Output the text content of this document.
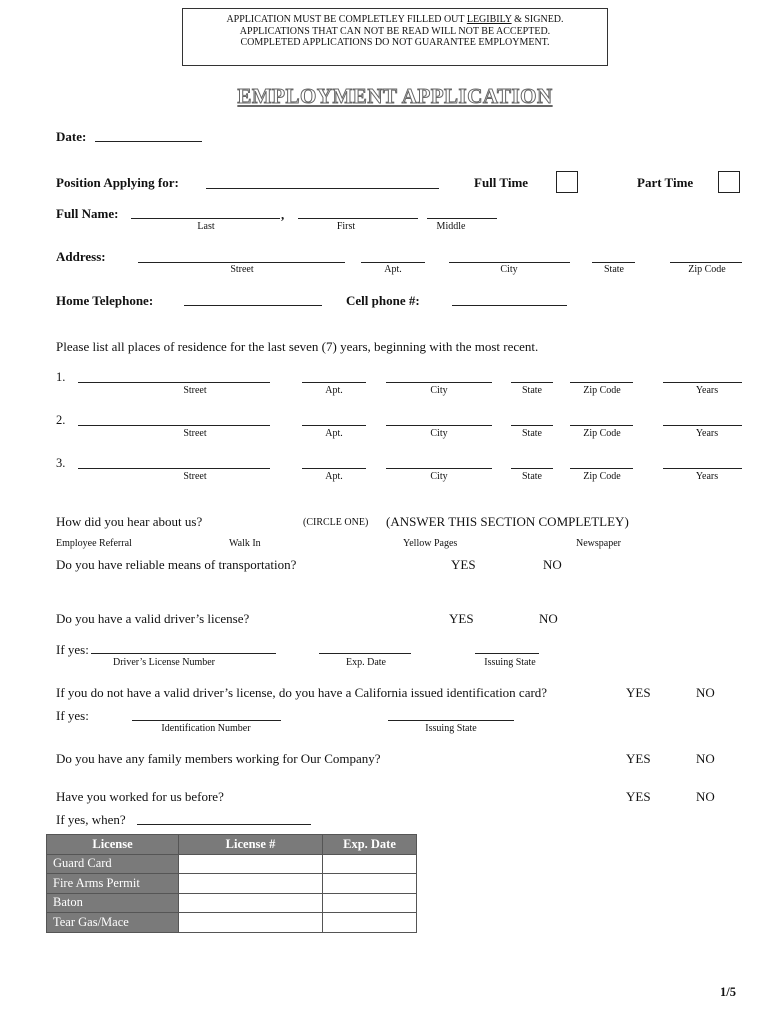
APPLICATION MUST BE COMPLETLEY FILLED OUT LEGIBILY & SIGNED.
APPLICATIONS THAT CAN NOT BE READ WILL NOT BE ACCEPTED.
COMPLETED APPLICATIONS DO NOT GUARANTEE EMPLOYMENT.
EMPLOYMENT APPLICATION
Date:
Position Applying for:	Full Time	Part Time
Full Name:	,
Last	First	Middle
Address:
Street	Apt.	City	State	Zip Code
Home Telephone:	Cell phone #:
Please list all places of residence for the last seven (7) years, beginning with the most recent.
1.
Street	Apt.	City	State	Zip Code	Years
2.
Street	Apt.	City	State	Zip Code	Years
3.
Street	Apt.	City	State	Zip Code	Years
How did you hear about us?	(CIRCLE ONE) (ANSWER THIS SECTION COMPLETLEY)
Employee Referral	Walk In	Yellow Pages	Newspaper
Do you have reliable means of transportation?	YES	NO
Do you have a valid driver’s license?	YES	NO
If yes:
Driver’s License Number	Exp. Date	Issuing State
If you do not have a valid driver’s license, do you have a California issued identification card?	YES	NO
If yes:
Identification Number	Issuing State
Do you have any family members working for Our Company?	YES	NO
Have you worked for us before?	YES	NO
If yes, when?
License	License #	Exp. Date
Guard Card		
Fire Arms Permit		
Baton		
Tear Gas/Mace		
1/5
